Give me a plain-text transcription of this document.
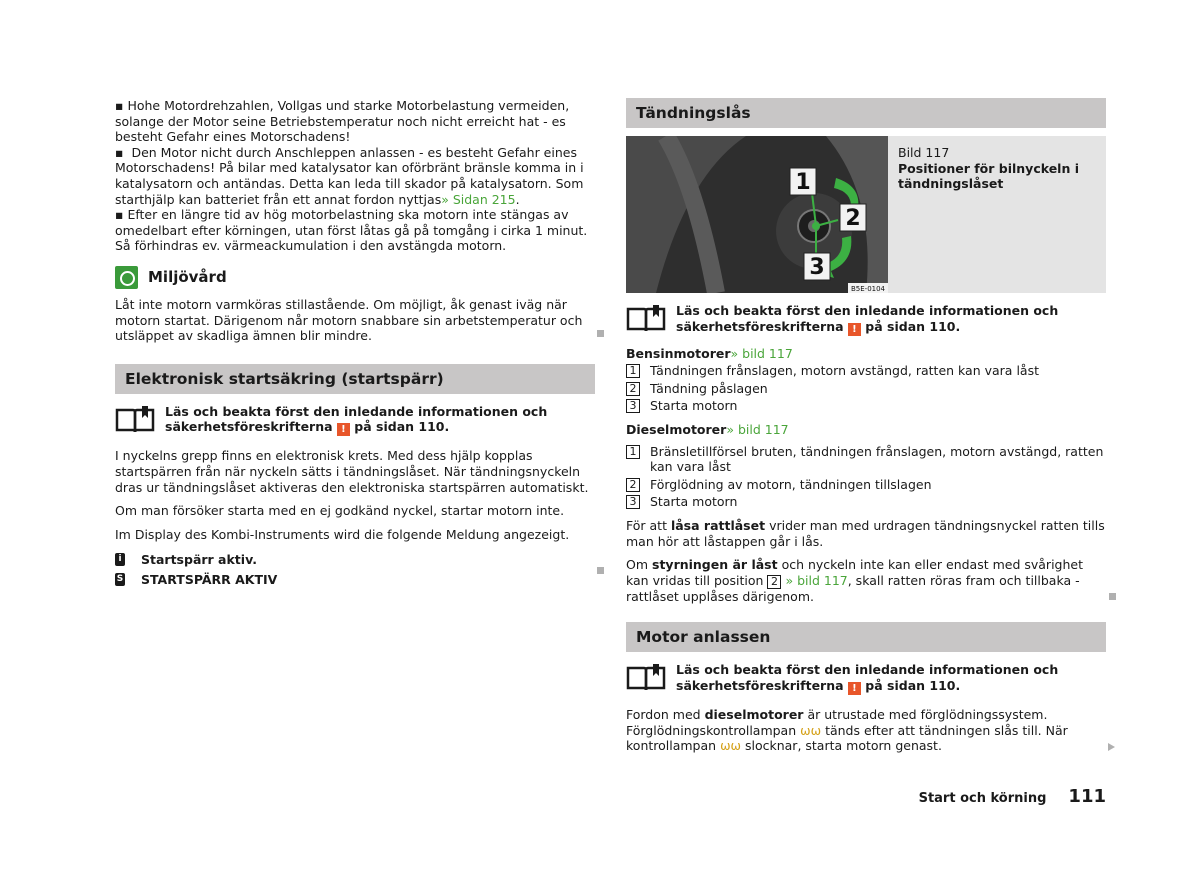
▪ Hohe Motordrehzahlen, Vollgas und starke Motorbelastung vermeiden, solange der Motor seine Betriebstemperatur noch nicht erreicht hat - es besteht Gefahr eines Motorschadens!
▪ Den Motor nicht durch Anschleppen anlassen - es besteht Gefahr eines Motorschadens! På bilar med katalysator kan oförbränt bränsle komma in i katalysatorn och antändas. Detta kan leda till skador på katalysatorn. Som starthjälp kan batteriet från ett annat fordon nyttjas» Sidan 215.
▪ Efter en längre tid av hög motorbelastning ska motorn inte stängas av omedelbart efter körningen, utan först låtas gå på tomgång i cirka 1 minut. Så förhindras ev. värmeackumulation i den avstängda motorn.
Miljövård
Låt inte motorn varmköras stillastående. Om möjligt, åk genast iväg när motorn startat. Därigenom når motorn snabbare sin arbetstemperatur och utsläppet av skadliga ämnen blir mindre.
Elektronisk startsäkring (startspärr)
Läs och beakta först den inledande informationen och säkerhetsföreskrifterna ! på sidan 110.
I nyckelns grepp finns en elektronisk krets. Med dess hjälp kopplas startspärren från när nyckeln sätts i tändningslåset. När tändningsnyckeln dras ur tändningslåset aktiveras den elektroniska startspärren automatiskt.
Om man försöker starta med en ej godkänd nyckel, startar motorn inte.
Im Display des Kombi-Instruments wird die folgende Meldung angezeigt.
i Startspärr aktiv.
S STARTSPÄRR AKTIV
Tändningslås
1
2
3
B5E-0104
Bild 117
Positioner för bilnyckeln i tändningslåset
Läs och beakta först den inledande informationen och säkerhetsföreskrifterna ! på sidan 110.
Bensinmotorer» bild 117
1 Tändningen frånslagen, motorn avstängd, ratten kan vara låst
2 Tändning påslagen
3 Starta motorn
Dieselmotorer» bild 117
1 Bränsletillförsel bruten, tändningen frånslagen, motorn avstängd, ratten kan vara låst
2 Förglödning av motorn, tändningen tillslagen
3 Starta motorn
För att låsa rattlåset vrider man med urdragen tändningsnyckel ratten tills man hör att låstappen går i lås.
Om styrningen är låst och nyckeln inte kan eller endast med svårighet kan vridas till position 2 » bild 117, skall ratten röras fram och tillbaka - rattlåset upplåses därigenom.
Motor anlassen
Läs och beakta först den inledande informationen och säkerhetsföreskrifterna ! på sidan 110.
Fordon med dieselmotorer är utrustade med förglödningssystem. Förglödningskontrollampan ωω tänds efter att tändningen slås till. När kontrollampan ωω slocknar, starta motorn genast.
Start och körning 111
